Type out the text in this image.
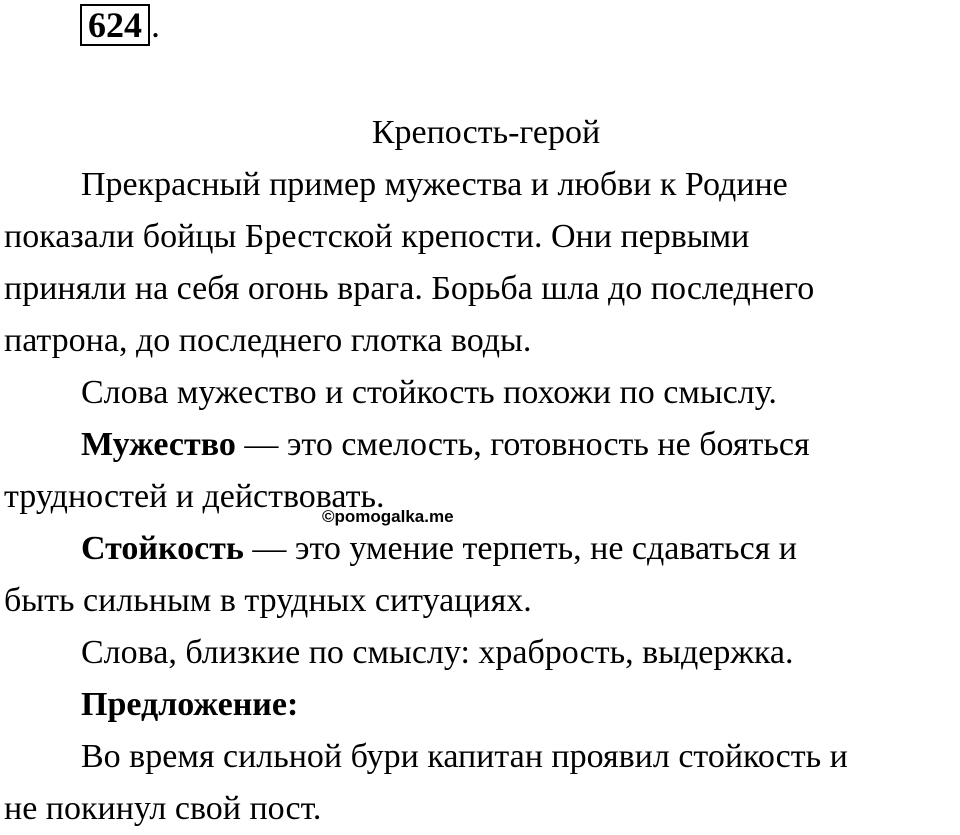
624 .
Крепость-герой
Прекрасный пример мужества и любви к Родине
показали бойцы Брестской крепости. Они первыми
приняли на себя огонь врага. Борьба шла до последнего
патрона, до последнего глотка воды.
Слова мужество и стойкость похожи по смыслу.
Мужество — это смелость, готовность не бояться
трудностей и действовать.
Стойкость — это умение терпеть, не сдаваться и
быть сильным в трудных ситуациях.
Слова, близкие по смыслу: храбрость, выдержка.
Предложение:
Во время сильной бури капитан проявил стойкость и
не покинул свой пост.
©pomogalka.me
